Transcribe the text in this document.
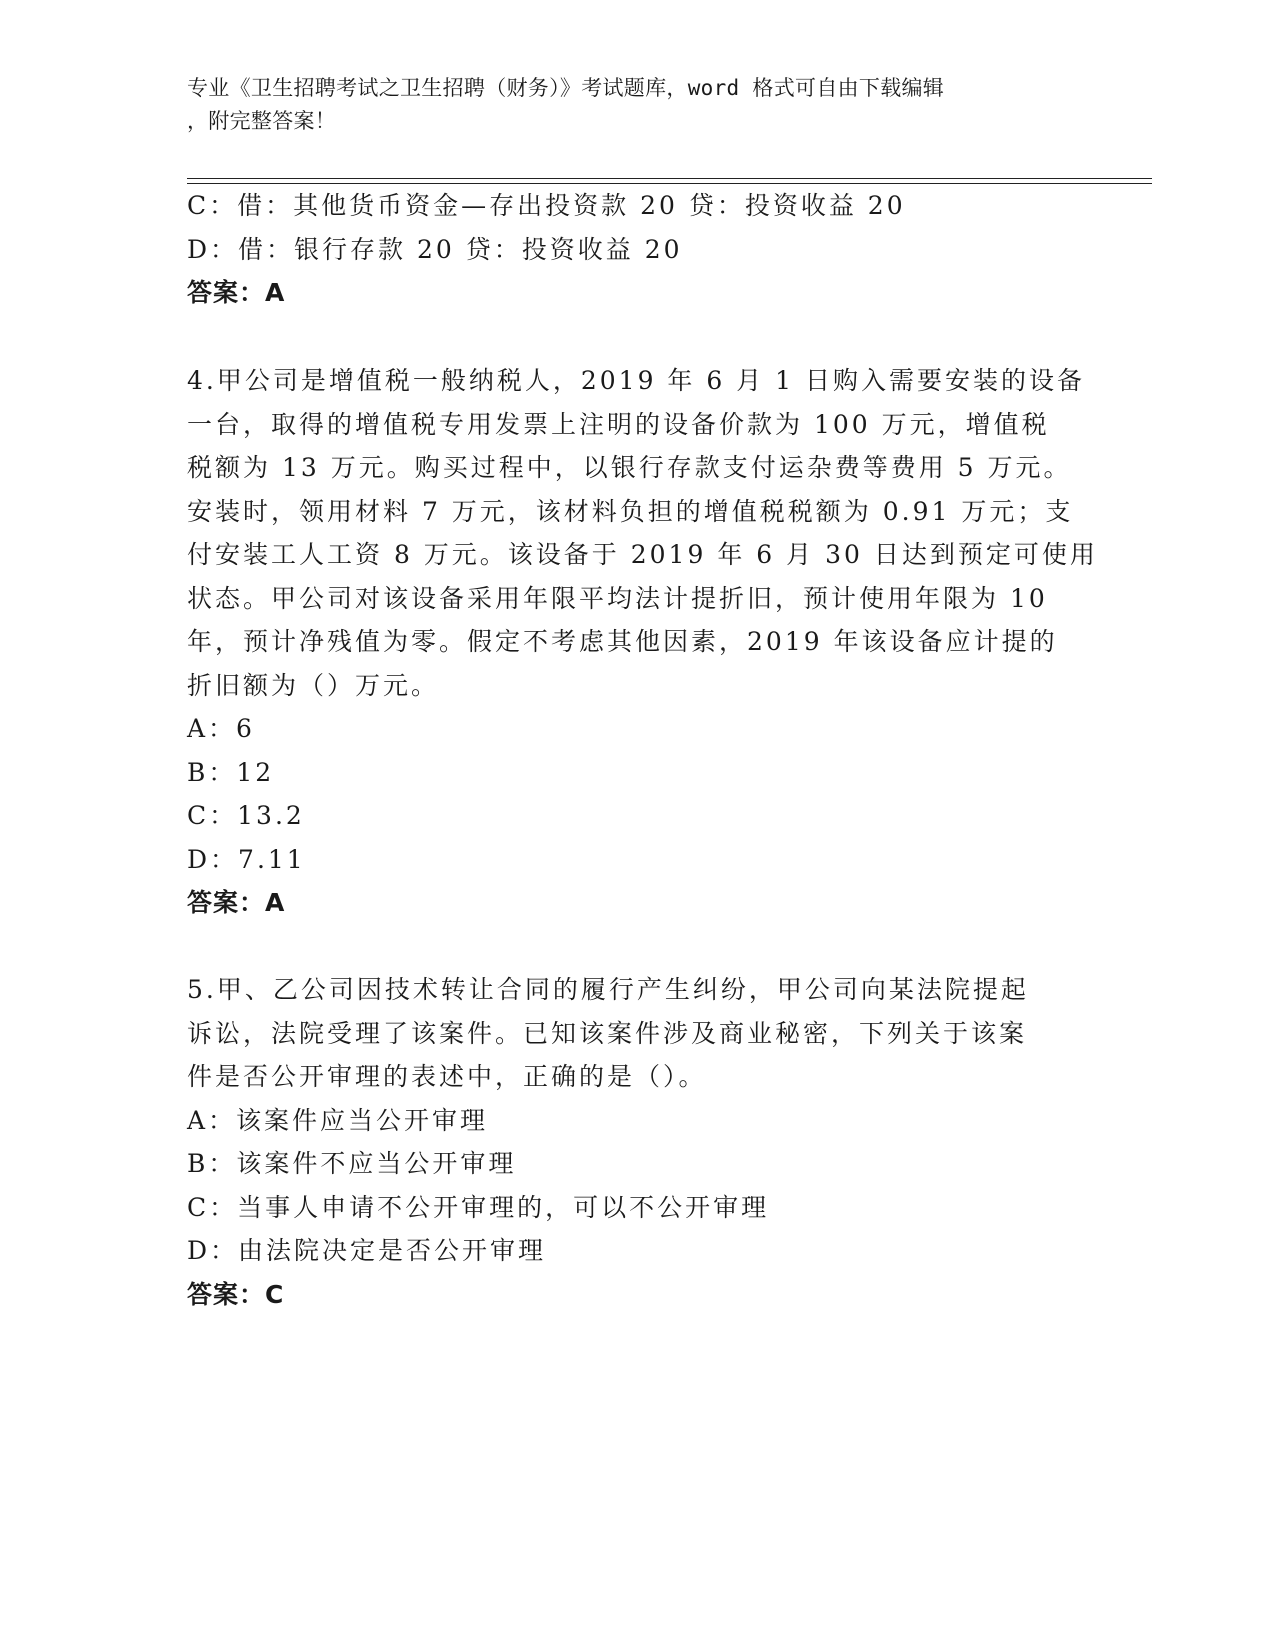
专业《卫生招聘考试之卫生招聘（财务）》考试题库，word 格式可自由下载编辑
，附完整答案！
C：借：其他货币资金—存出投资款 20 贷：投资收益 20
D：借：银行存款 20 贷：投资收益 20
答案：A
4.甲公司是增值税一般纳税人，2019 年 6 月 1 日购入需要安装的设备
一台，取得的增值税专用发票上注明的设备价款为 100 万元，增值税
税额为 13 万元。购买过程中，以银行存款支付运杂费等费用 5 万元。
安装时，领用材料 7 万元，该材料负担的增值税税额为 0.91 万元；支
付安装工人工资 8 万元。该设备于 2019 年 6 月 30 日达到预定可使用
状态。甲公司对该设备采用年限平均法计提折旧，预计使用年限为 10
年，预计净残值为零。假定不考虑其他因素，2019 年该设备应计提的
折旧额为（）万元。
A：6
B：12
C：13.2
D：7.11
答案：A
5.甲、乙公司因技术转让合同的履行产生纠纷，甲公司向某法院提起
诉讼，法院受理了该案件。已知该案件涉及商业秘密，下列关于该案
件是否公开审理的表述中，正确的是（）。
A：该案件应当公开审理
B：该案件不应当公开审理
C：当事人申请不公开审理的，可以不公开审理
D：由法院决定是否公开审理
答案：C
